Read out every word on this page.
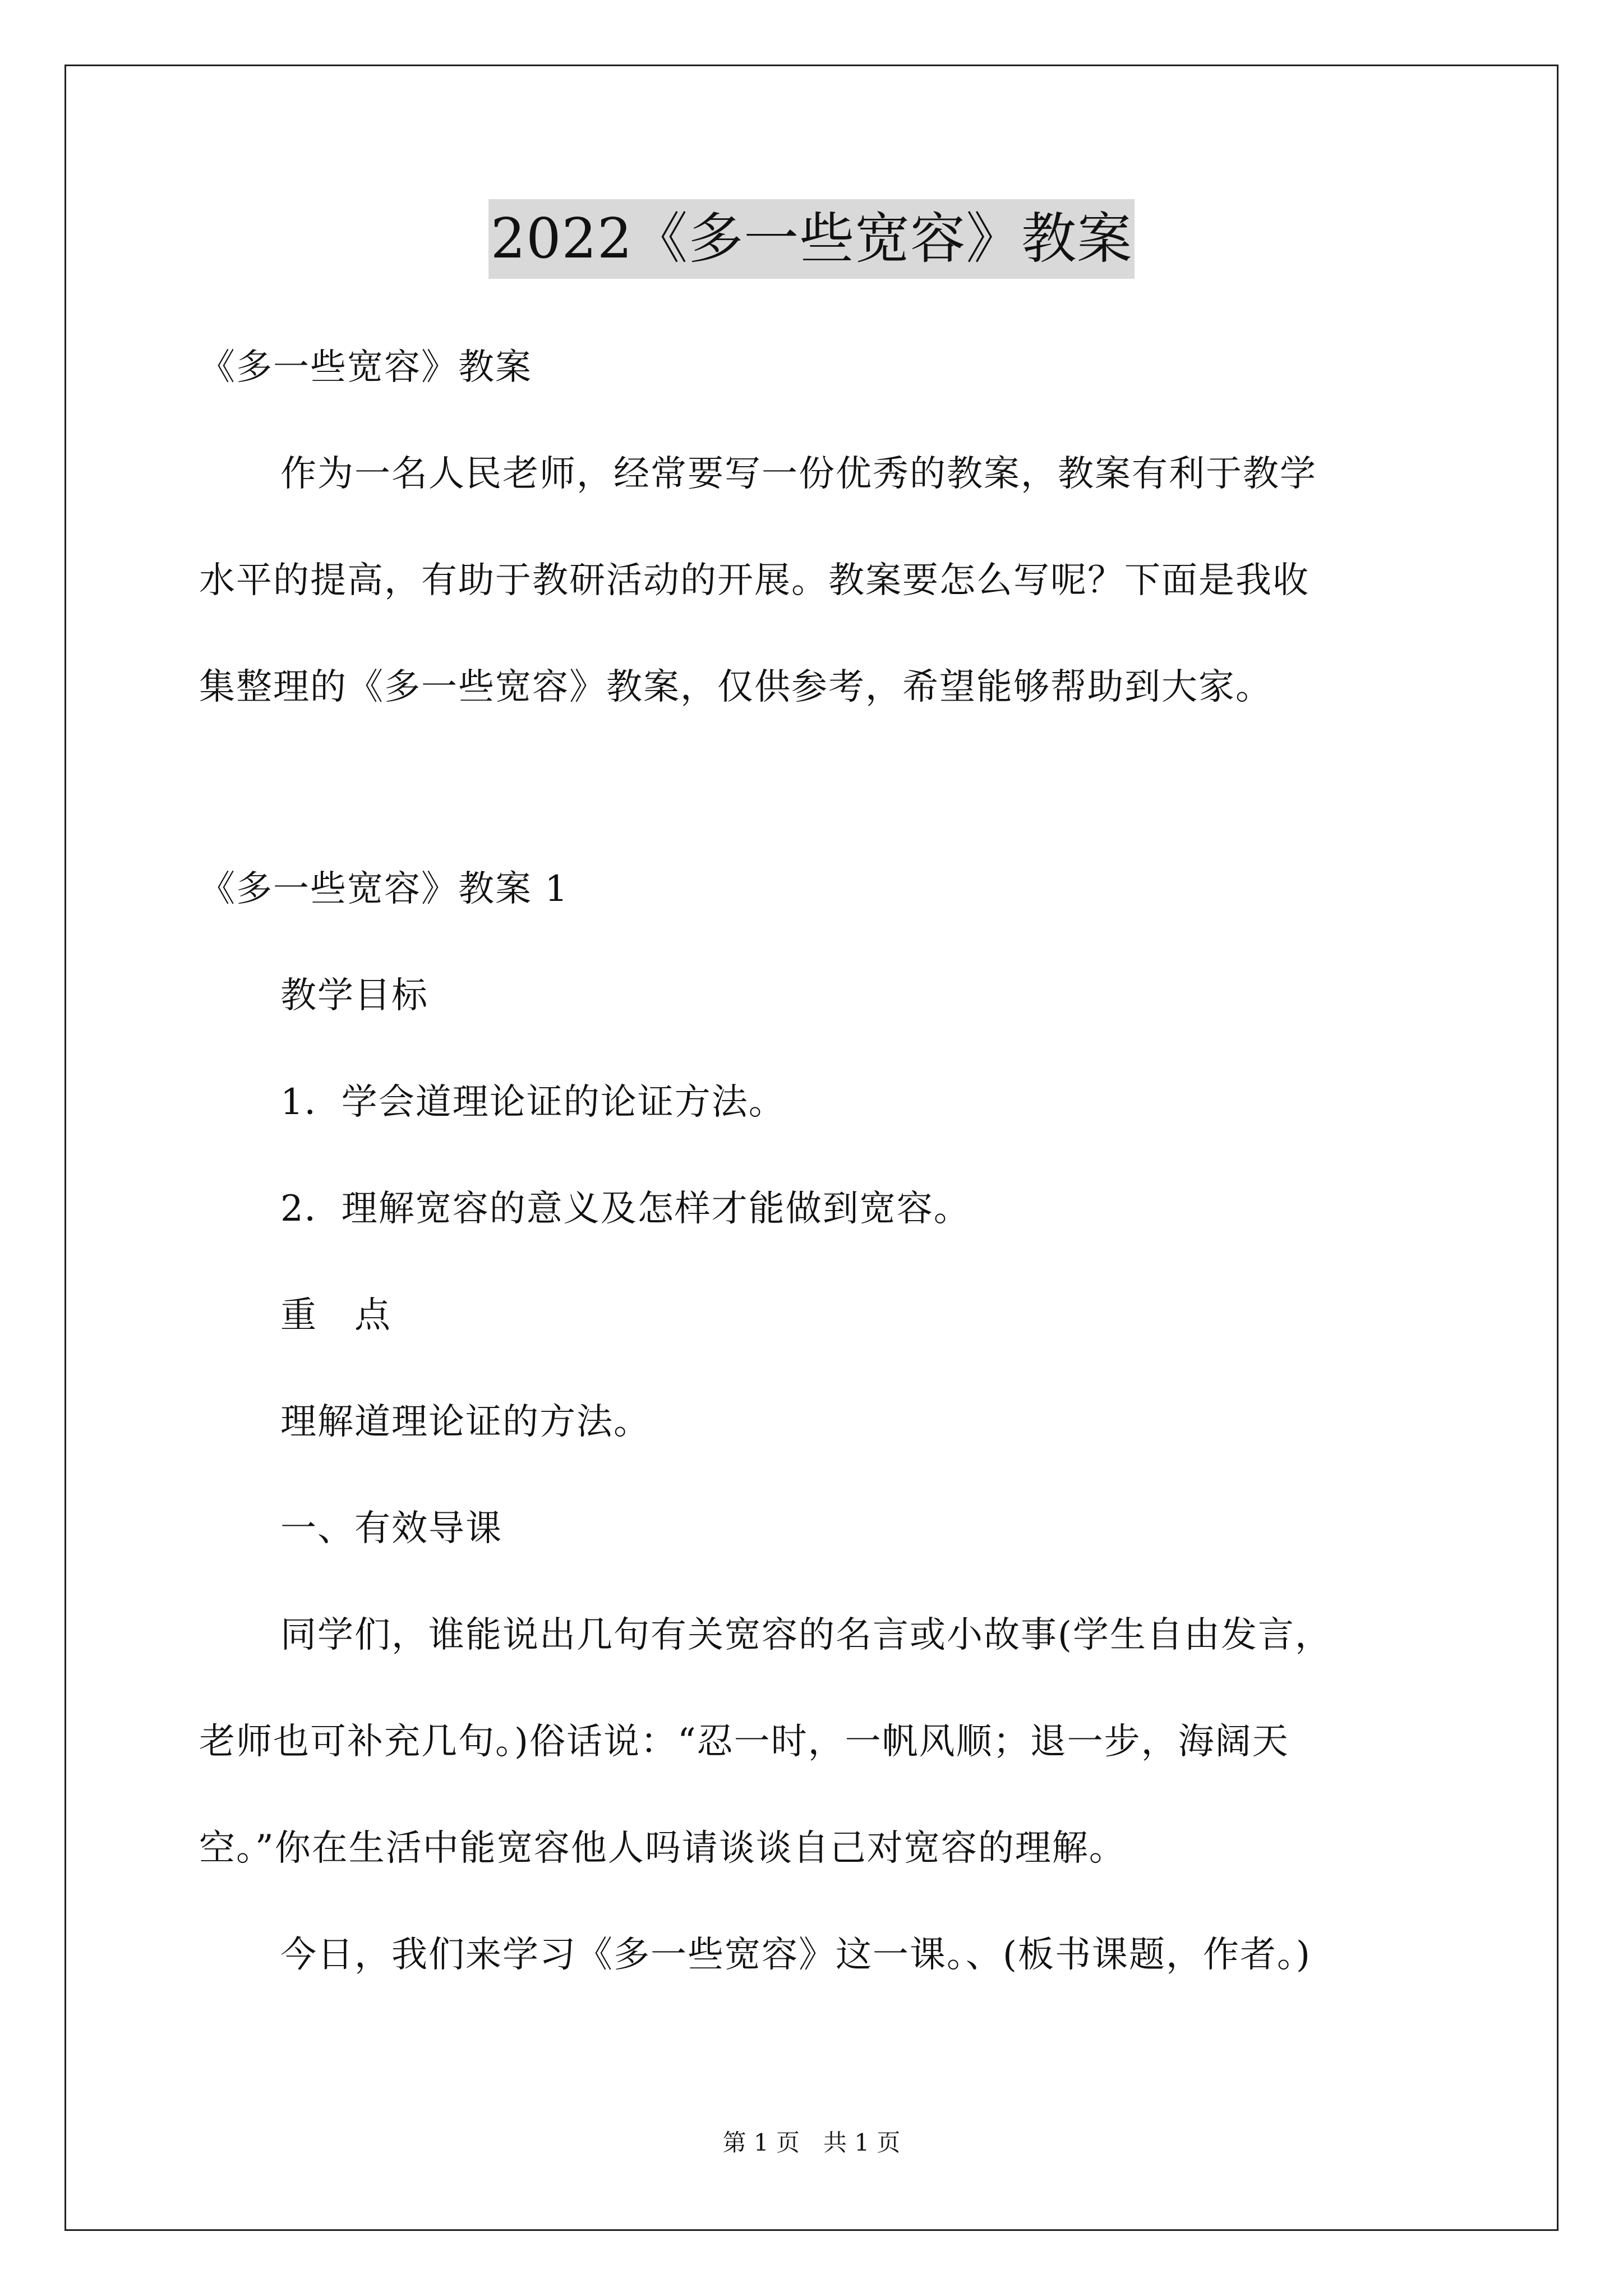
2022《多一些宽容》教案
《多一些宽容》教案
作为一名人民老师，经常要写一份优秀的教案，教案有利于教学
水平的提高，有助于教研活动的开展。教案要怎么写呢？下面是我收
集整理的《多一些宽容》教案，仅供参考，希望能够帮助到大家。
《多一些宽容》教案 1
教学目标
1．学会道理论证的论证方法。
2．理解宽容的意义及怎样才能做到宽容。
重　点
理解道理论证的方法。
一、有效导课
同学们，谁能说出几句有关宽容的名言或小故事(学生自由发言，
老师也可补充几句。)俗话说：“忍一时，一帆风顺；退一步，海阔天
空。”你在生活中能宽容他人吗请谈谈自己对宽容的理解。
今日，我们来学习《多一些宽容》这一课。、(板书课题，作者。)
第 1 页　共 1 页
